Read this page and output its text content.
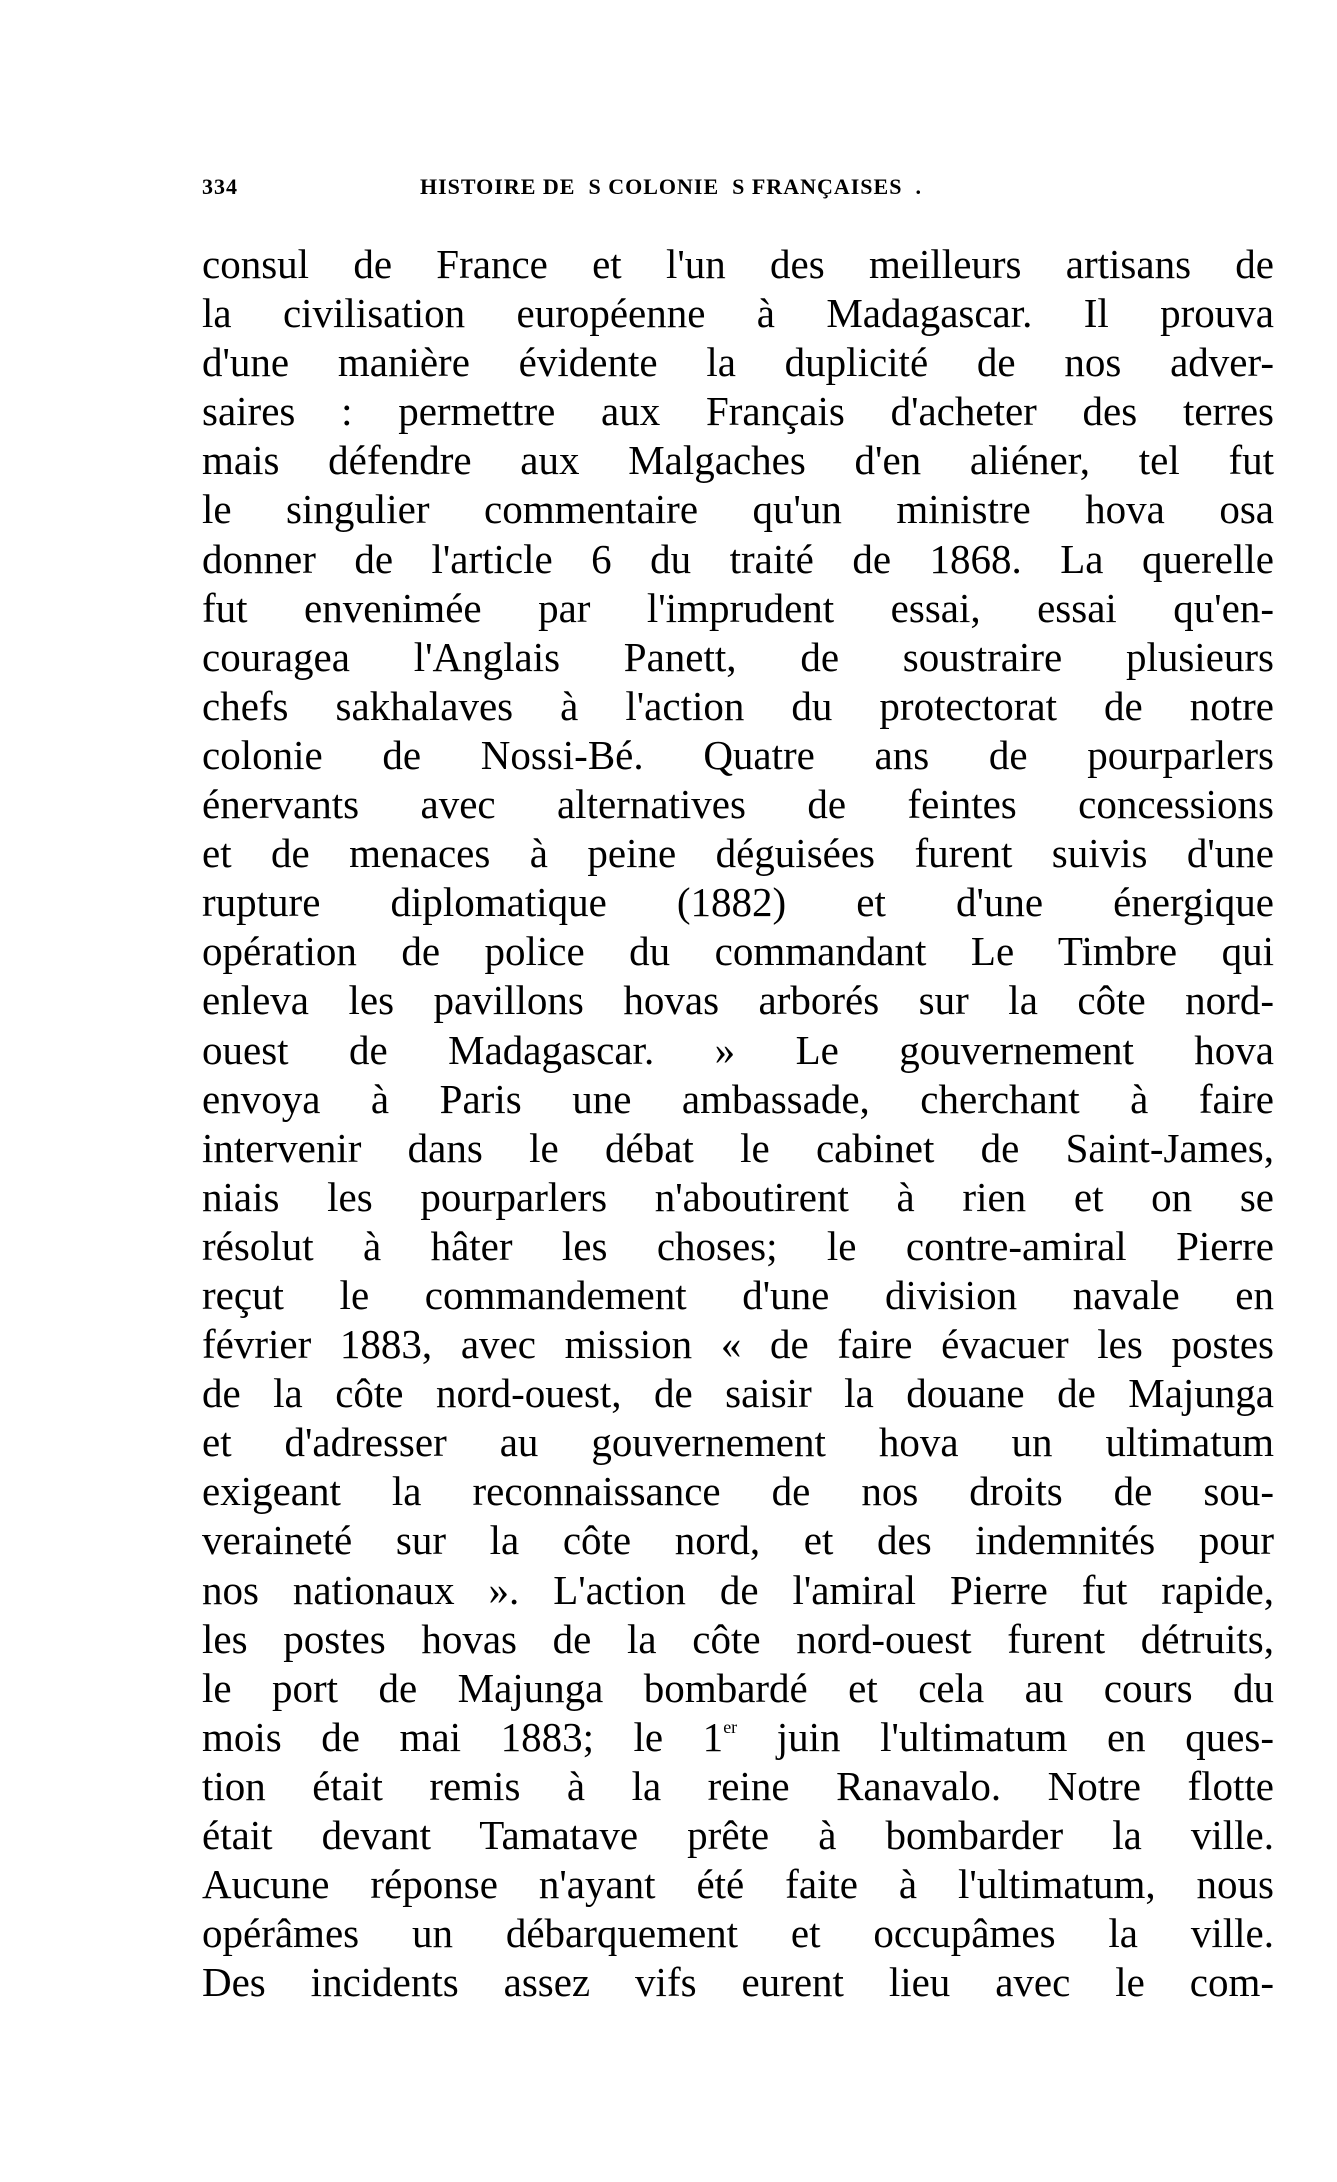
334	HISTOIRE DE  S COLONIE  S FRANÇAISES  .
consul de France et l'un des meilleurs artisans de
la civilisation européenne à Madagascar. Il prouva
d'une manière évidente la duplicité de nos adver-
saires : permettre aux Français d'acheter des terres
mais défendre aux Malgaches d'en aliéner, tel fut
le singulier commentaire qu'un ministre hova osa
donner de l'article 6 du traité de 1868. La querelle
fut envenimée par l'imprudent essai, essai qu'en-
couragea l'Anglais Panett, de soustraire plusieurs
chefs sakhalaves à l'action du protectorat de notre
colonie de Nossi-Bé. Quatre ans de pourparlers
énervants avec alternatives de feintes concessions
et de menaces à peine déguisées furent suivis d'une
rupture diplomatique (1882) et d'une énergique
opération de police du commandant Le Timbre qui
enleva les pavillons hovas arborés sur la côte nord-
ouest de Madagascar. » Le gouvernement hova
envoya à Paris une ambassade, cherchant à faire
intervenir dans le débat le cabinet de Saint-James,
niais les pourparlers n'aboutirent à rien et on se
résolut à hâter les choses; le contre-amiral Pierre
reçut le commandement d'une division navale en
février 1883, avec mission « de faire évacuer les postes
de la côte nord-ouest, de saisir la douane de Majunga
et d'adresser au gouvernement hova un ultimatum
exigeant la reconnaissance de nos droits de sou-
veraineté sur la côte nord, et des indemnités pour
nos nationaux ». L'action de l'amiral Pierre fut rapide,
les postes hovas de la côte nord-ouest furent détruits,
le port de Majunga bombardé et cela au cours du
mois de mai 1883; le 1er juin l'ultimatum en ques-
tion était remis à la reine Ranavalo. Notre flotte
était devant Tamatave prête à bombarder la ville.
Aucune réponse n'ayant été faite à l'ultimatum, nous
opérâmes un débarquement et occupâmes la ville.
Des incidents assez vifs eurent lieu avec le com-
